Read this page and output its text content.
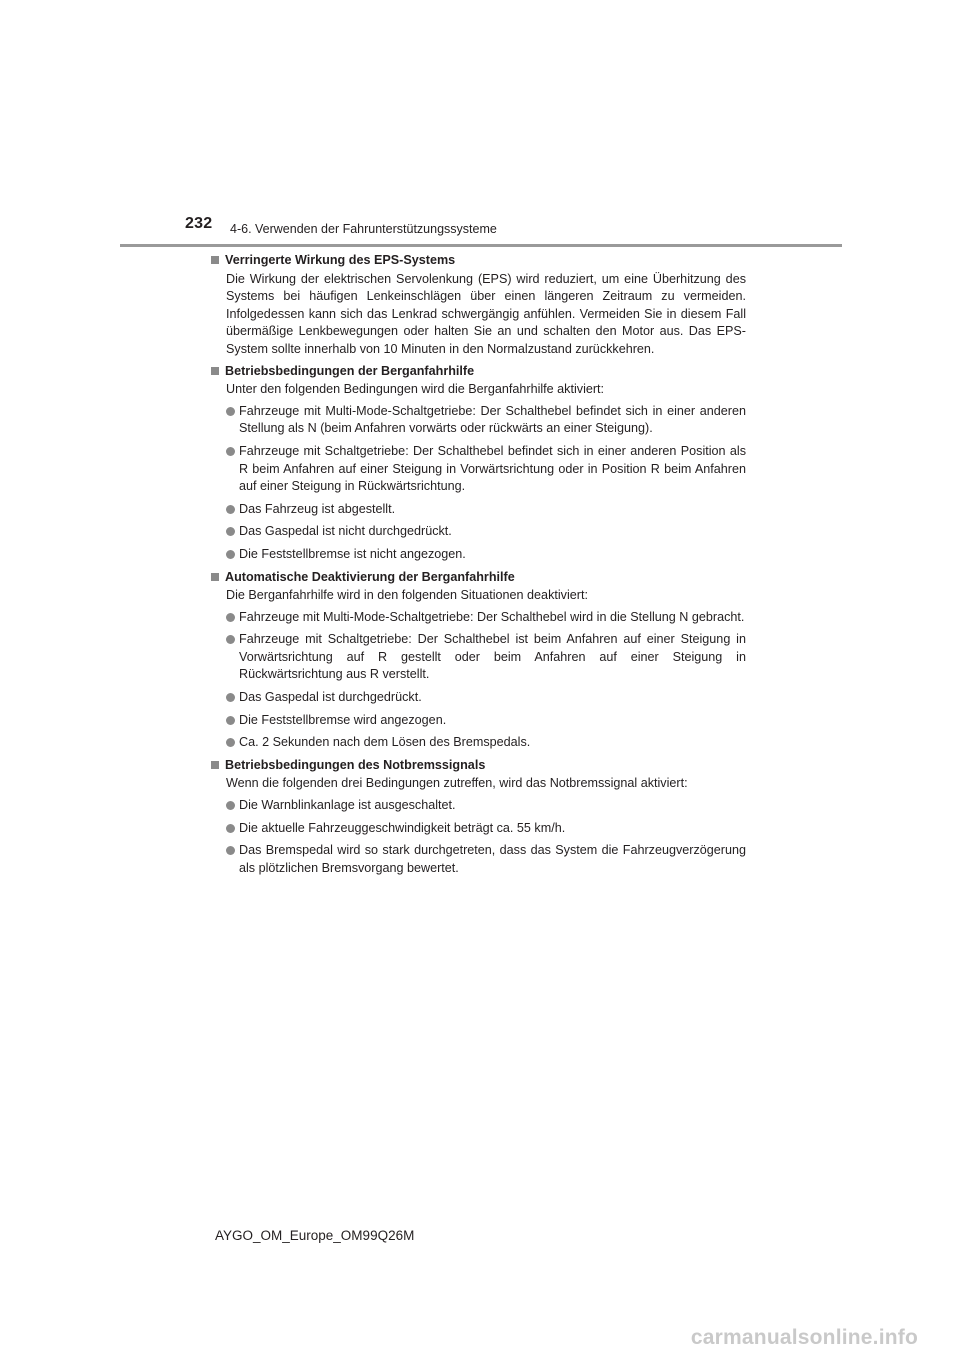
232 4-6. Verwenden der Fahrunterstützungssysteme
Verringerte Wirkung des EPS-Systems
Die Wirkung der elektrischen Servolenkung (EPS) wird reduziert, um eine Überhitzung des Systems bei häufigen Lenkeinschlägen über einen längeren Zeitraum zu vermeiden. Infolgedessen kann sich das Lenkrad schwergängig anfühlen. Vermeiden Sie in diesem Fall übermäßige Lenkbewegungen oder halten Sie an und schalten den Motor aus. Das EPS-System sollte innerhalb von 10 Minuten in den Normalzustand zurückkehren.
Betriebsbedingungen der Berganfahrhilfe
Unter den folgenden Bedingungen wird die Berganfahrhilfe aktiviert:
Fahrzeuge mit Multi-Mode-Schaltgetriebe: Der Schalthebel befindet sich in einer anderen Stellung als N (beim Anfahren vorwärts oder rückwärts an einer Steigung).
Fahrzeuge mit Schaltgetriebe: Der Schalthebel befindet sich in einer anderen Position als R beim Anfahren auf einer Steigung in Vorwärtsrichtung oder in Position R beim Anfahren auf einer Steigung in Rückwärtsrichtung.
Das Fahrzeug ist abgestellt.
Das Gaspedal ist nicht durchgedrückt.
Die Feststellbremse ist nicht angezogen.
Automatische Deaktivierung der Berganfahrhilfe
Die Berganfahrhilfe wird in den folgenden Situationen deaktiviert:
Fahrzeuge mit Multi-Mode-Schaltgetriebe: Der Schalthebel wird in die Stellung N gebracht.
Fahrzeuge mit Schaltgetriebe: Der Schalthebel ist beim Anfahren auf einer Steigung in Vorwärtsrichtung auf R gestellt oder beim Anfahren auf einer Steigung in Rückwärtsrichtung aus R verstellt.
Das Gaspedal ist durchgedrückt.
Die Feststellbremse wird angezogen.
Ca. 2 Sekunden nach dem Lösen des Bremspedals.
Betriebsbedingungen des Notbremssignals
Wenn die folgenden drei Bedingungen zutreffen, wird das Notbremssignal aktiviert:
Die Warnblinkanlage ist ausgeschaltet.
Die aktuelle Fahrzeuggeschwindigkeit beträgt ca. 55 km/h.
Das Bremspedal wird so stark durchgetreten, dass das System die Fahrzeugverzögerung als plötzlichen Bremsvorgang bewertet.
AYGO_OM_Europe_OM99Q26M
carmanualsonline.info
